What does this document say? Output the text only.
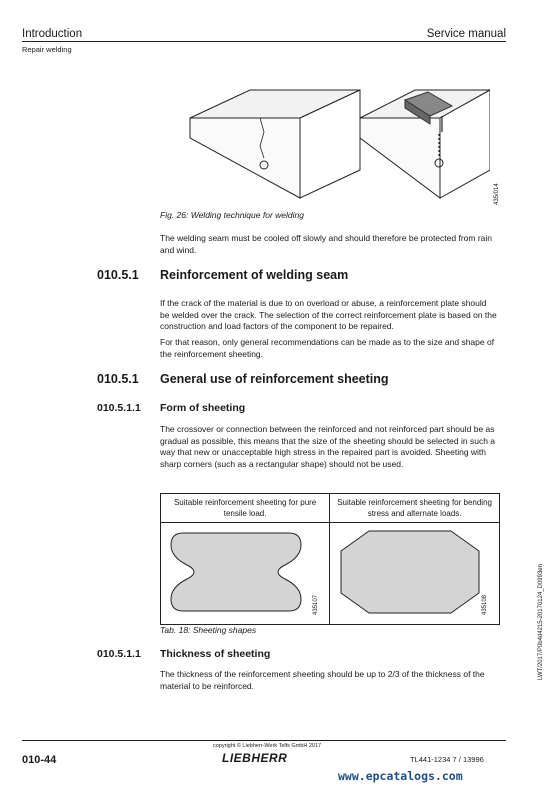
Introduction	Service manual
Repair welding
435/014
Fig. 26: Welding technique for welding
The welding seam must be cooled off slowly and should therefore be protected from rain and wind.
010.5.1 Reinforcement of welding seam
If the crack of the material is due to on overload or abuse, a reinforcement plate should be welded over the crack. The selection of the correct reinforcement plate is based on the construction and load factors of the component to be repaired.
For that reason, only general recommendations can be made as to the size and shape of the reinforcement sheeting.
010.5.1 General use of reinforcement sheeting
010.5.1.1 Form of sheeting
The crossover or connection between the reinforced and not reinforced part should be as gradual as possible, this means that the size of the sheeting should be selected in such a way that new or unacceptable high stress in the repaired part is avoided. Sheeting with sharp corners (such as a rectangular shape) should not be used.
Suitable reinforcement sheeting for pure tensile load.	Suitable reinforcement sheeting for bending stress and alternate loads.

435107	435108
Tab. 18: Sheeting shapes
010.5.1.1 Thickness of sheeting
The thickness of the reinforcement sheeting should be up to 2/3 of the thickness of the material to be reinforced.
LWT/2017/P0b4d4215-20170124_D0993en
010-44
copyright © Liebherr-Werk Telfs GmbH 2017
LIEBHERR	TL441-1234 7 / 13996
www.epcatalogs.com
